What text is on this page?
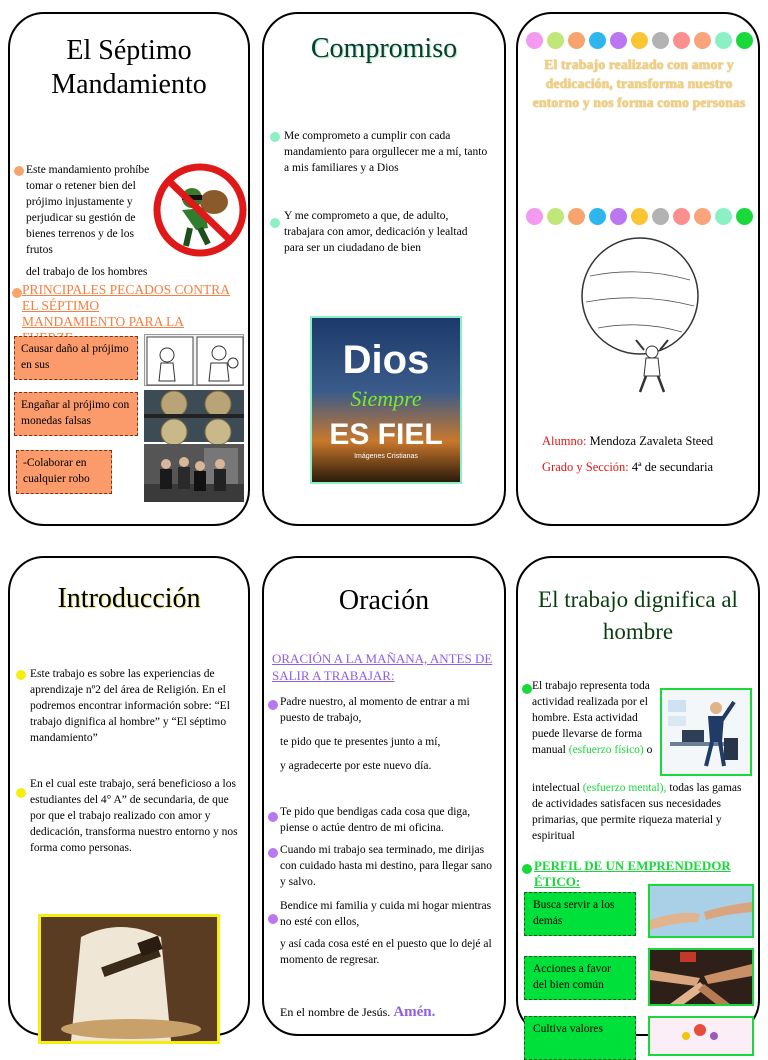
El Séptimo Mandamiento
Este mandamiento prohíbe tomar o retener bien del prójimo injustamente y perjudicar su gestión de bienes terrenos y de los frutos
del trabajo de los hombres
PRINCIPALES PECADOS CONTRA EL SÉPTIMO
MANDAMIENTO PARA LA
Causar daño al prójimo en sus
Engañar al prójimo con monedas falsas
-Colaborar en cualquier robo
Compromiso
Me comprometo a cumplir con cada mandamiento para orgullecer me a mí, tanto a mis familiares y a Dios
Y me comprometo a que, de adulto, trabajara con amor, dedicación y lealtad para ser un ciudadano de bien
Dios
Siempre
ES FIEL
Imágenes Cristianas
El trabajo realizado con amor y dedicación, transforma nuestro entorno y nos forma como personas
Alumno: Mendoza Zavaleta Steed
Grado y Sección: 4ª de secundaria
Introducción
Este trabajo es sobre las experiencias de aprendizaje nº2 del área de Religión. En el podremos encontrar información sobre: “El trabajo dignifica al hombre” y “El séptimo mandamiento”
En el cual este trabajo, será beneficioso a los estudiantes del 4° A” de secundaria, de que por que el trabajo realizado con amor y dedicación, transforma nuestro entorno y nos forma como personas.
Oración
ORACIÓN A LA MAÑANA, ANTES DE SALIR A TRABAJAR:
Padre nuestro, al momento de entrar a mi puesto de trabajo,
te pido que te presentes junto a mí,
y agradecerte por este nuevo día.
Te pido que bendigas cada cosa que diga, piense o actúe dentro de mi oficina.
Cuando mi trabajo sea terminado, me dirijas con cuidado hasta mi destino, para llegar sano y salvo.
Bendice mi familia y cuida mi hogar mientras no esté con ellos,
y así cada cosa esté en el puesto que lo dejé al momento de regresar.
En el nombre de Jesús. Amén.
El trabajo dignifica al hombre
El trabajo representa toda actividad realizada por el hombre. Esta actividad puede llevarse de forma manual (esfuerzo físico) o
intelectual (esfuerzo mental), todas las gamas de actividades satisfacen sus necesidades primarias, que permite riqueza material y espiritual
PERFIL DE UN EMPRENDEDOR ÉTICO:
Busca servir a los demás
Acciones a favor del bien común
Cultiva valores
